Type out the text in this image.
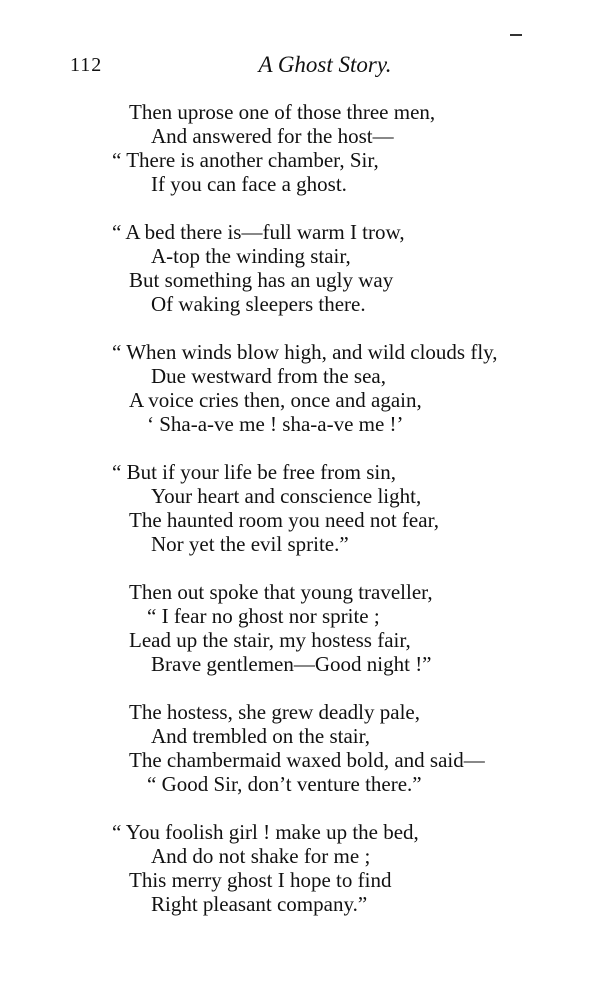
112	A Ghost Story.
Then uprose one of those three men,
And answered for the host—
“ There is another chamber, Sir,
If you can face a ghost.
“ A bed there is—full warm I trow,
A-top the winding stair,
But something has an ugly way
Of waking sleepers there.
“ When winds blow high, and wild clouds fly,
Due westward from the sea,
A voice cries then, once and again,
‘ Sha-a-ve me ! sha-a-ve me !’
“ But if your life be free from sin,
Your heart and conscience light,
The haunted room you need not fear,
Nor yet the evil sprite.”
Then out spoke that young traveller,
“ I fear no ghost nor sprite ;
Lead up the stair, my hostess fair,
Brave gentlemen—Good night !”
The hostess, she grew deadly pale,
And trembled on the stair,
The chambermaid waxed bold, and said—
“ Good Sir, don’t venture there.”
“ You foolish girl ! make up the bed,
And do not shake for me ;
This merry ghost I hope to find
Right pleasant company.”
